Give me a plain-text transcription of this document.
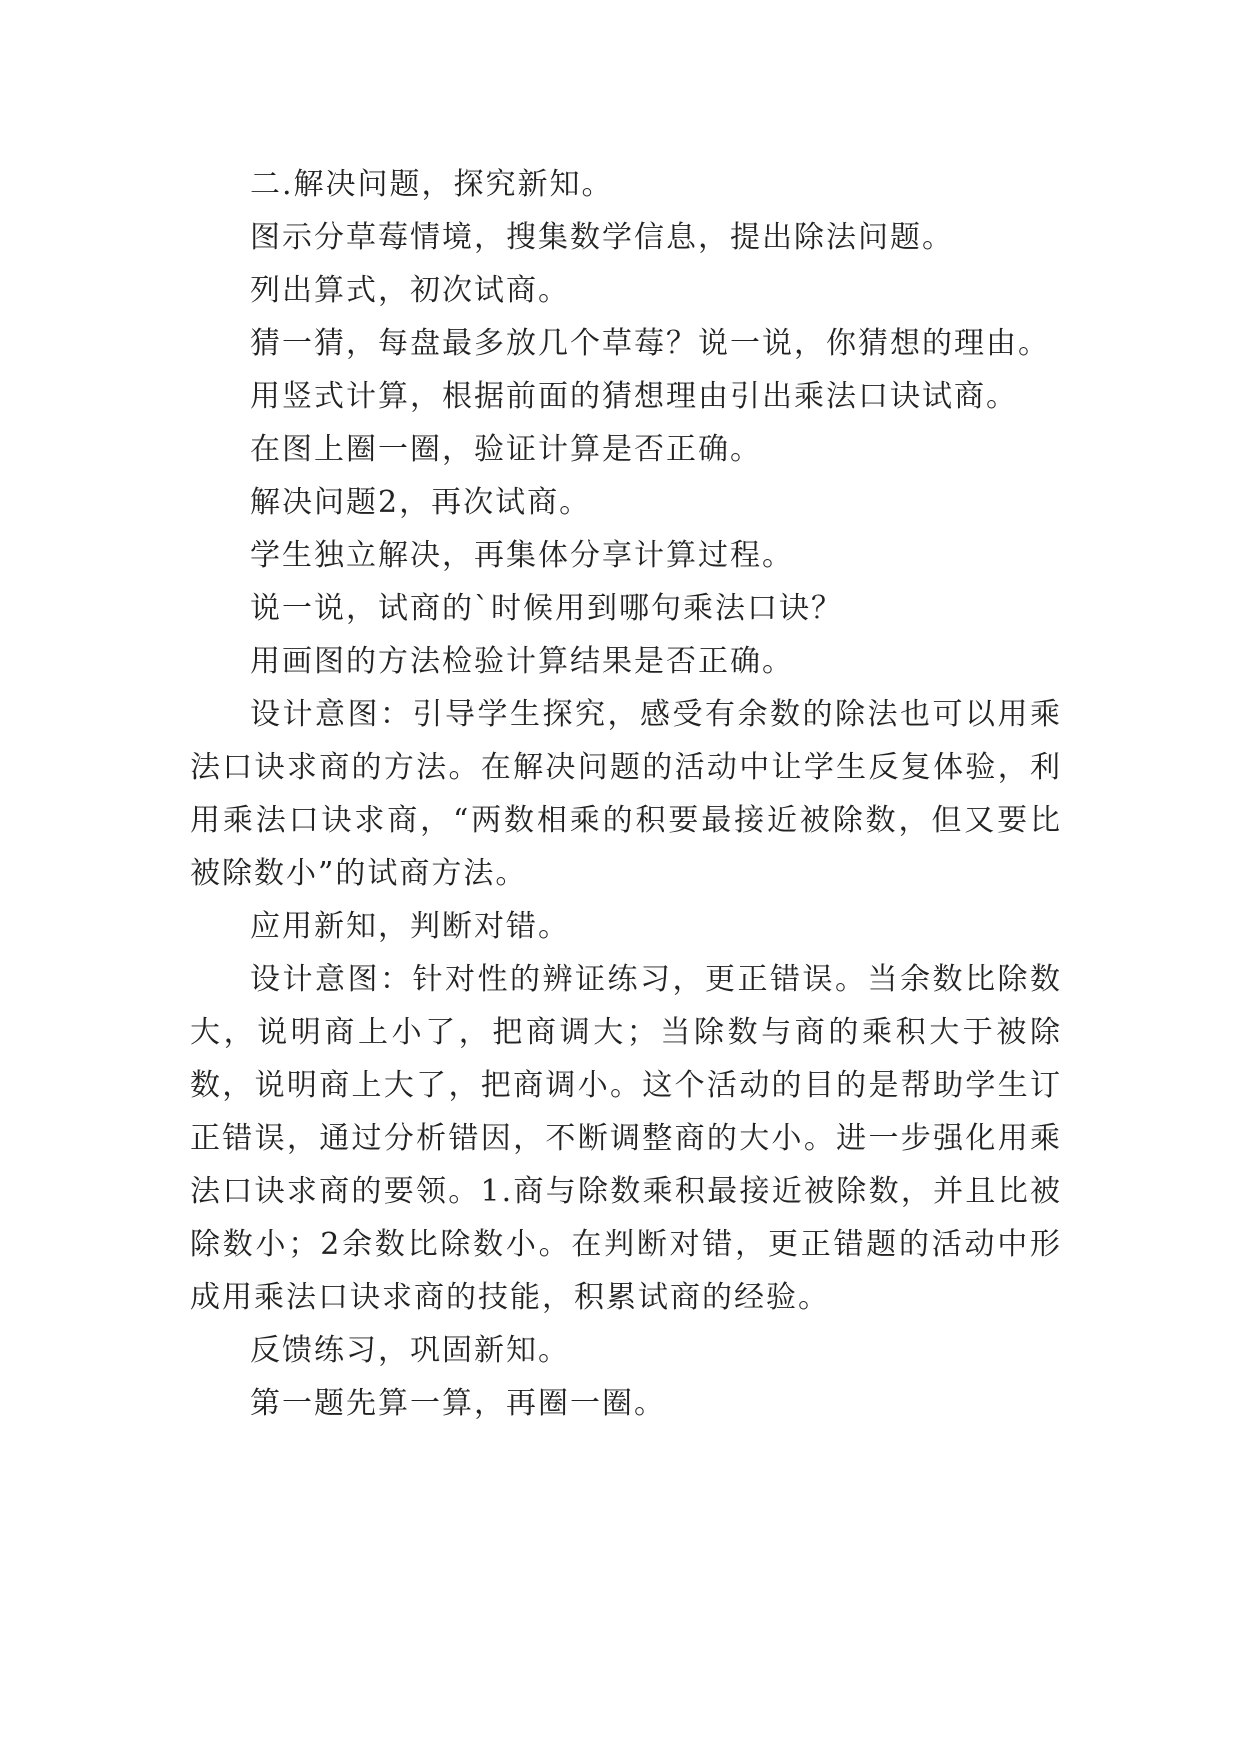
二.解决问题，探究新知。

图示分草莓情境，搜集数学信息，提出除法问题。

列出算式，初次试商。

猜一猜，每盘最多放几个草莓？说一说，你猜想的理由。

用竖式计算，根据前面的猜想理由引出乘法口诀试商。

在图上圈一圈，验证计算是否正确。

解决问题2，再次试商。

学生独立解决，再集体分享计算过程。

说一说，试商的`时候用到哪句乘法口诀？

用画图的方法检验计算结果是否正确。

设计意图：引导学生探究，感受有余数的除法也可以用乘法口诀求商的方法。在解决问题的活动中让学生反复体验，利用乘法口诀求商，“两数相乘的积要最接近被除数，但又要比被除数小”的试商方法。

应用新知，判断对错。

设计意图：针对性的辨证练习，更正错误。当余数比除数大，说明商上小了，把商调大；当除数与商的乘积大于被除数，说明商上大了，把商调小。这个活动的目的是帮助学生订正错误，通过分析错因，不断调整商的大小。进一步强化用乘法口诀求商的要领。1.商与除数乘积最接近被除数，并且比被除数小；2余数比除数小。在判断对错，更正错题的活动中形成用乘法口诀求商的技能，积累试商的经验。

反馈练习，巩固新知。

第一题先算一算，再圈一圈。
